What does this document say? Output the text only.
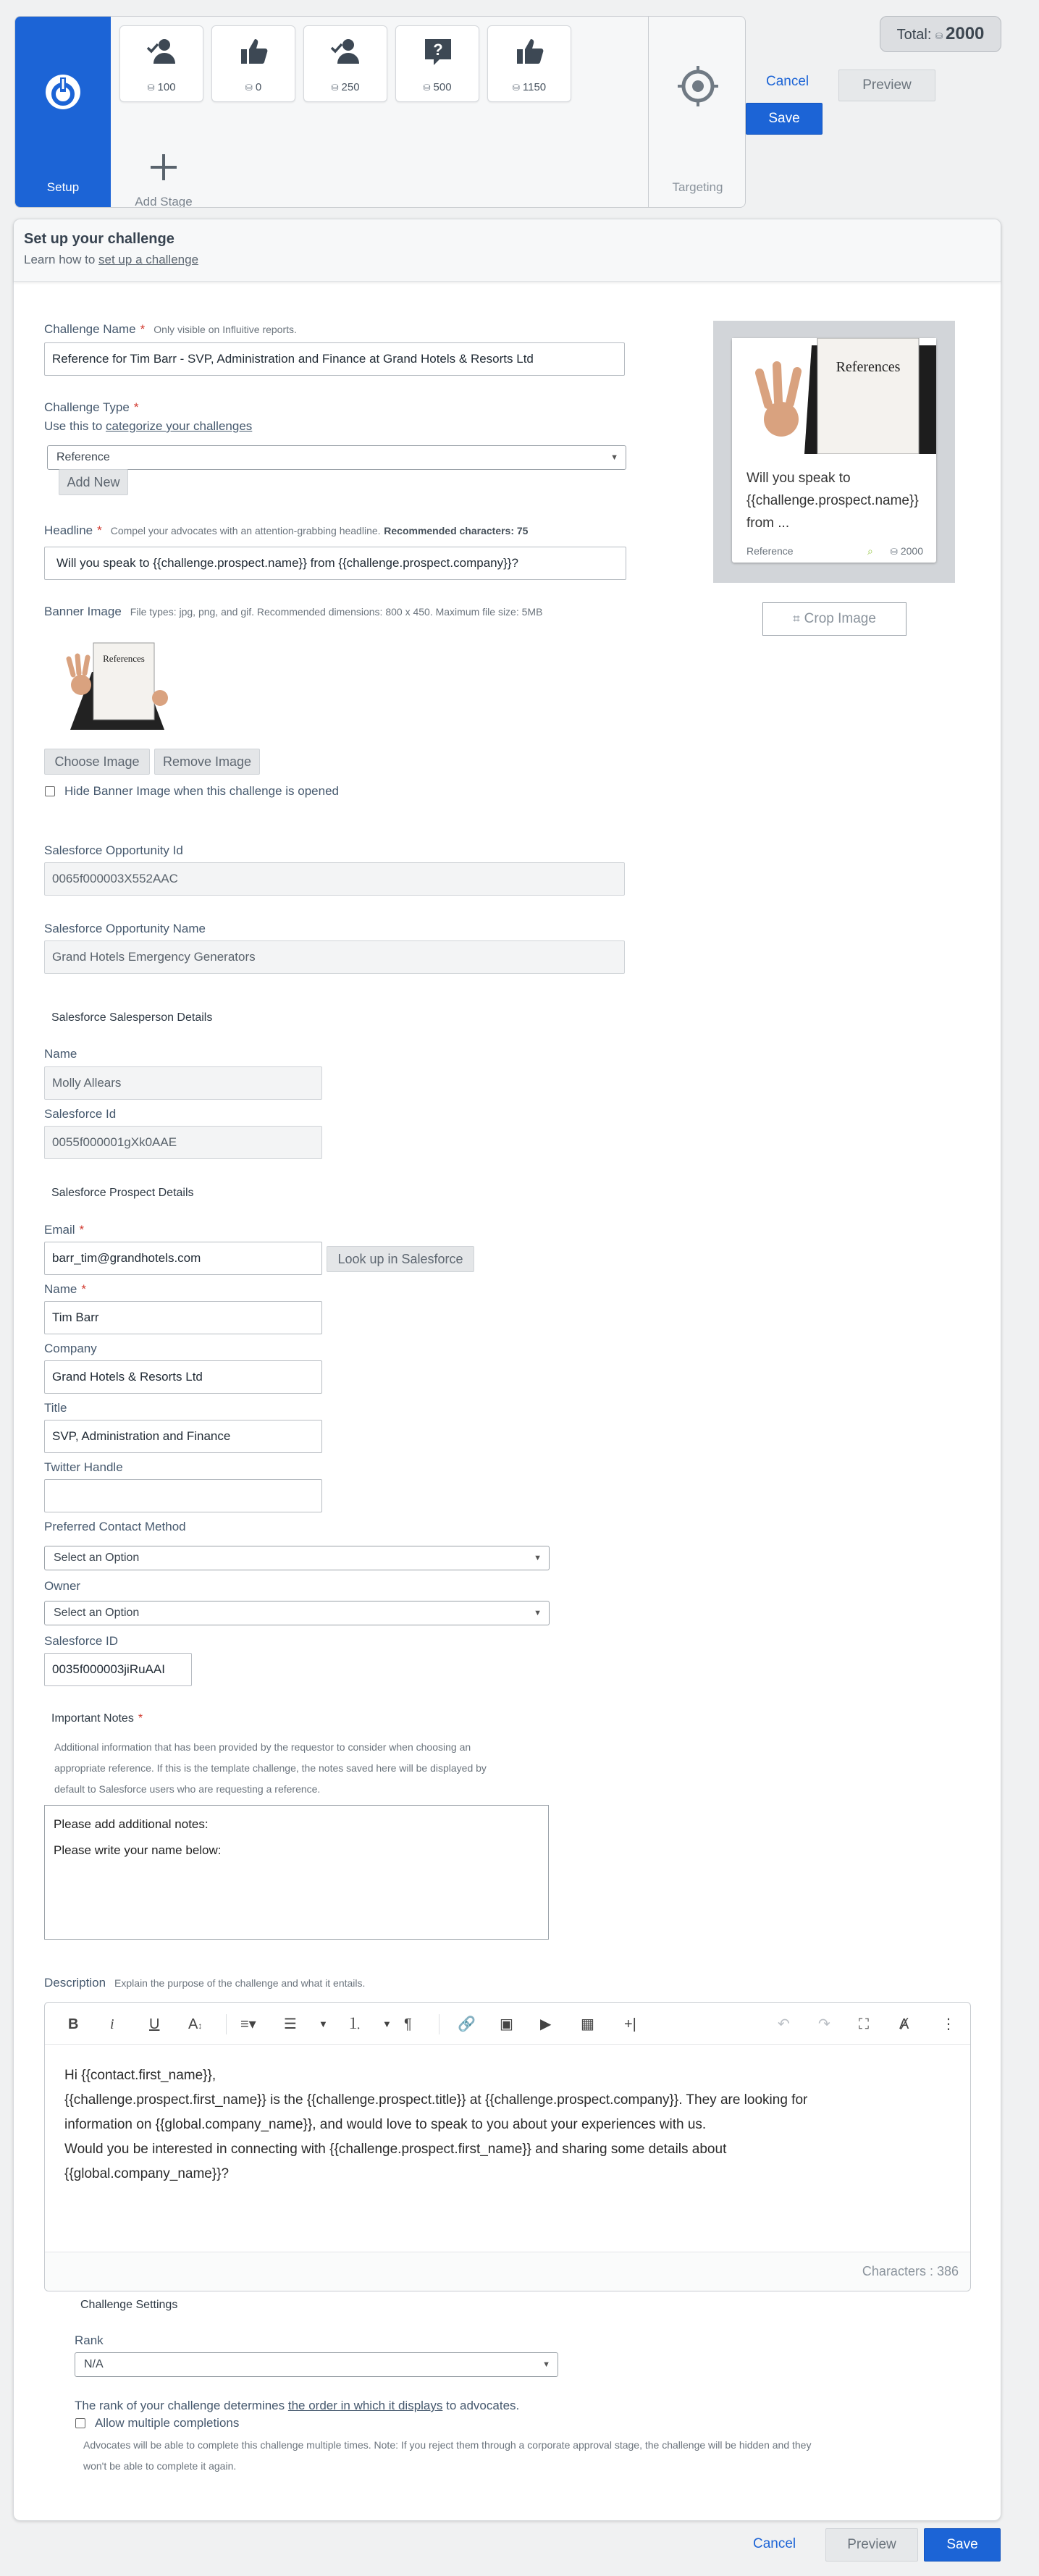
Setup
⛁ 100	⛁ 0	⛁ 250
?
⛁ 500	⛁ 1150
Add Stage
Targeting
Total: ⛁ 2000
Cancel	Preview
Save
Set up your challenge

Learn how to set up a challenge

Challenge Name * Only visible on Influitive reports.
Reference for Tim Barr - SVP, Administration and Finance at Grand Hotels & Resorts Ltd
Challenge Type *
Use this to categorize your challenges
Reference	▼
Add New
Headline * Compel your advocates with an attention-grabbing headline. Recommended characters: 75
Will you speak to {{challenge.prospect.name}} from {{challenge.prospect.company}}?
Banner Image File types: jpg, png, and gif. Recommended dimensions: 800 x 450. Maximum file size: 5MB
References
Choose Image	Remove Image
Hide Banner Image when this challenge is opened
Salesforce Opportunity Id
0065f000003X552AAC
Salesforce Opportunity Name
Grand Hotels Emergency Generators
Salesforce Salesperson Details
Name
Molly Allears
Salesforce Id
0055f000001gXk0AAE
Salesforce Prospect Details
Email *
barr_tim@grandhotels.com	Look up in Salesforce
Name *
Tim Barr
Company
Grand Hotels & Resorts Ltd
Title
SVP, Administration and Finance
Twitter Handle
Preferred Contact Method
Select an Option	▼
Owner
Select an Option	▼
Salesforce ID
0035f000003jiRuAAI
Important Notes *
Additional information that has been provided by the requestor to consider when choosing an
appropriate reference. If this is the template challenge, the notes saved here will be displayed by
default to Salesforce users who are requesting a reference.
Please add additional notes: Please write your name below:
Description Explain the purpose of the challenge and what it entails.
B i U A↕	≡▾ ☰ ▼ ⒈ ▼ ¶	🔗 ▣ ▶ ▦ +|	↶ ↷ ⛶ Ⱥ ⋮
Hi {{contact.first_name}},
{{challenge.prospect.first_name}} is the {{challenge.prospect.title}} at {{challenge.prospect.company}}. They are looking for
information on {{global.company_name}}, and would love to speak to you about your experiences with us.
Would you be interested in connecting with {{challenge.prospect.first_name}} and sharing some details about
{{global.company_name}}?
Characters : 386
Challenge Settings
Rank
N/A	▼
The rank of your challenge determines the order in which it displays to advocates.
Allow multiple completions
Advocates will be able to complete this challenge multiple times. Note: If you reject them through a corporate approval stage, the challenge will be hidden and they
won't be able to complete it again.
References
Will you speak to {{challenge.prospect.name}} from ...
Reference	⌕ ⛁ 2000
⌗ Crop Image
Cancel	Preview	Save
